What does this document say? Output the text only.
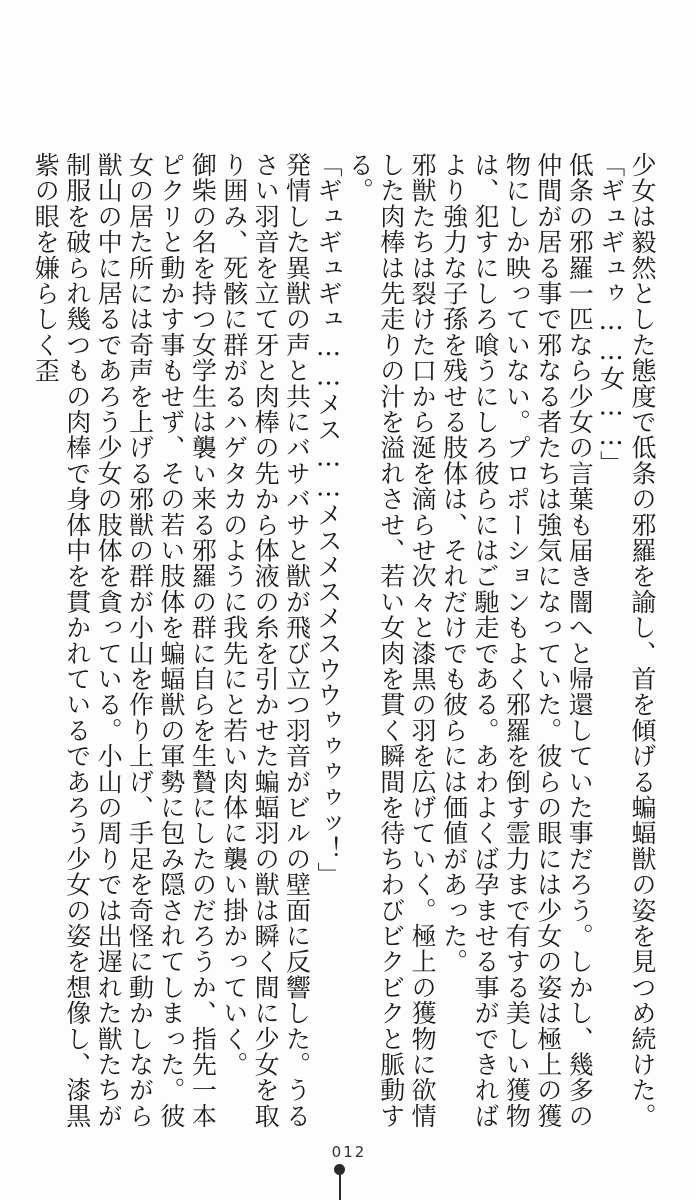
少女は毅然とした態度で低条の邪羅を諭し、首を傾げる蝙蝠獣の姿を見つめ続けた。

「ギュギュゥ……女……」

低条の邪羅一匹なら少女の言葉も届き闇へと帰還していた事だろう。しかし、幾多の仲間が居る事で邪なる者たちは強気になっていた。彼らの眼には少女の姿は極上の獲物にしか映っていない。プロポーションもよく邪羅を倒す霊力まで有する美しい獲物は、犯すにしろ喰うにしろ彼らにはご馳走である。あわよくば孕ませる事ができればより強力な子孫を残せる肢体は、それだけでも彼らには価値があった。

邪獣たちは裂けた口から涎を滴らせ次々と漆黒の羽を広げていく。極上の獲物に欲情した肉棒は先走りの汁を溢れさせ、若い女肉を貫く瞬間を待ちわびビクビクと脈動する。

「ギュギュギュ……メス……メスメスメスウウゥゥゥゥッ！」

発情した異獣の声と共にバサバサと獣が飛び立つ羽音がビルの壁面に反響した。うるさい羽音を立て牙と肉棒の先から体液の糸を引かせた蝙蝠羽の獣は瞬く間に少女を取り囲み、死骸に群がるハゲタカのように我先にと若い肉体に襲い掛かっていく。

御柴の名を持つ女学生は襲い来る邪羅の群に自らを生贄にしたのだろうか、指先一本ピクリと動かす事もせず、その若い肢体を蝙蝠獣の軍勢に包み隠されてしまった。彼女の居た所には奇声を上げる邪獣の群が小山を作り上げ、手足を奇怪に動かしながら獣山の中に居るであろう少女の肢体を貪っている。小山の周りでは出遅れた獣たちが制服を破られ幾つもの肉棒で身体中を貫かれているであろう少女の姿を想像し、漆黒紫の眼を嫌らしく歪

012
